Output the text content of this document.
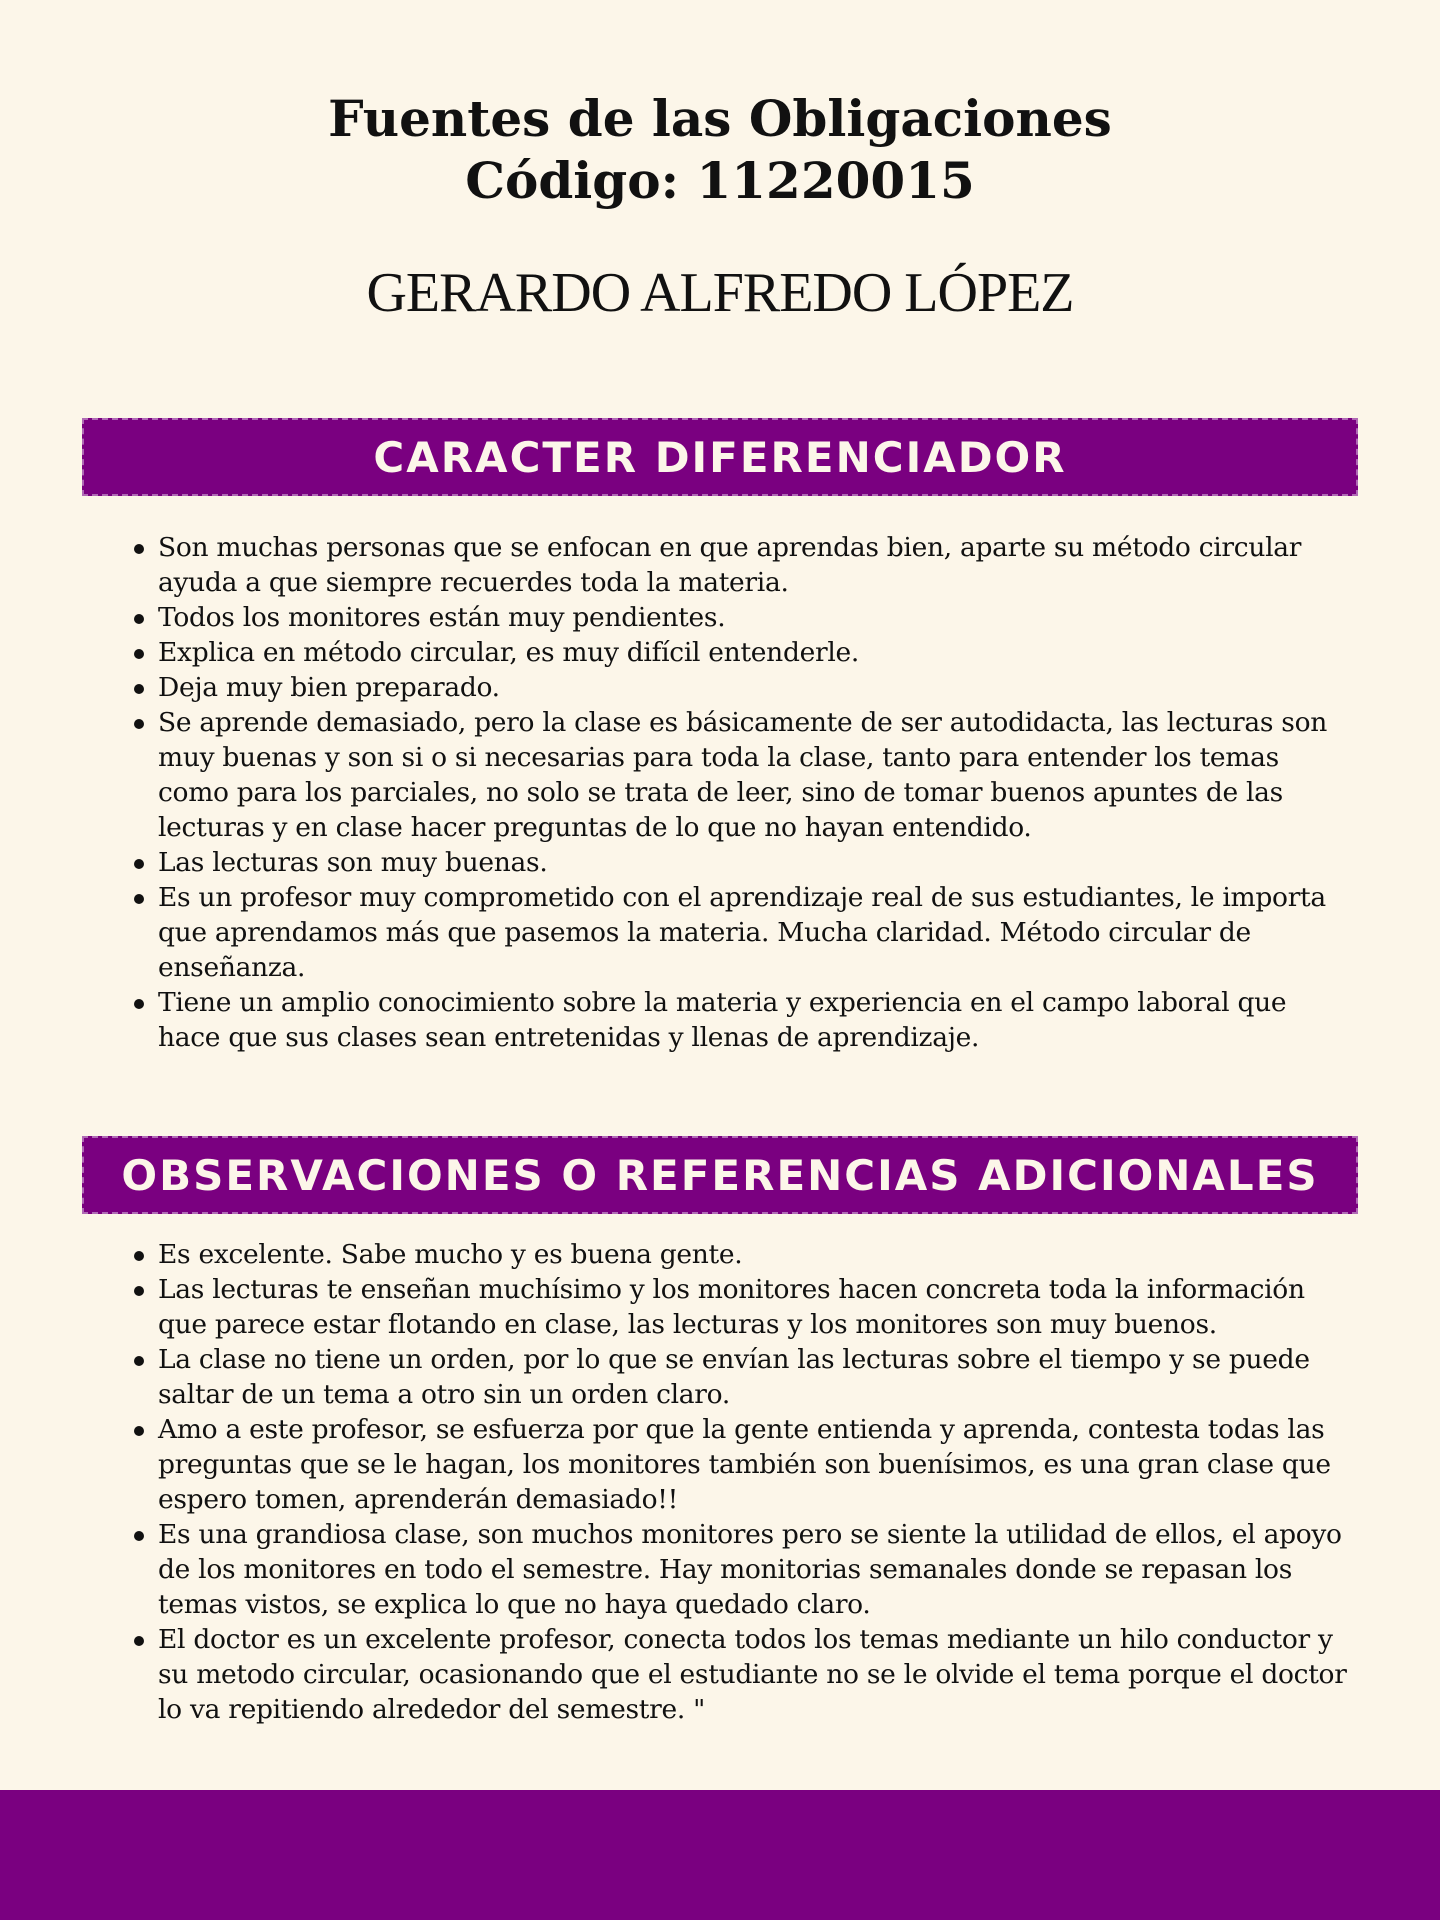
Fuentes de las Obligaciones
Código: 11220015
GERARDO ALFREDO LÓPEZ
CARACTER DIFERENCIADOR
Son muchas personas que se enfocan en que aprendas bien, aparte su método circular ayuda a que siempre recuerdes toda la materia.
Todos los monitores están muy pendientes.
Explica en método circular, es muy difícil entenderle.
Deja muy bien preparado.
Se aprende demasiado, pero la clase es básicamente de ser autodidacta, las lecturas son muy buenas y son si o si necesarias para toda la clase, tanto para entender los temas como para los parciales, no solo se trata de leer, sino de tomar buenos apuntes de las lecturas y en clase hacer preguntas de lo que no hayan entendido.
Las lecturas son muy buenas.
Es un profesor muy comprometido con el aprendizaje real de sus estudiantes, le importa que aprendamos más que pasemos la materia. Mucha claridad. Método circular de enseñanza.
Tiene un amplio conocimiento sobre la materia y experiencia en el campo laboral que hace que sus clases sean entretenidas y llenas de aprendizaje.
OBSERVACIONES O REFERENCIAS ADICIONALES
Es excelente. Sabe mucho y es buena gente.
Las lecturas te enseñan muchísimo y los monitores hacen concreta toda la información que parece estar flotando en clase, las lecturas y los monitores son muy buenos.
La clase no tiene un orden, por lo que se envían las lecturas sobre el tiempo y se puede saltar de un tema a otro sin un orden claro.
Amo a este profesor, se esfuerza por que la gente entienda y aprenda, contesta todas las preguntas que se le hagan, los monitores también son buenísimos, es una gran clase que espero tomen, aprenderán demasiado!!
Es una grandiosa clase, son muchos monitores pero se siente la utilidad de ellos, el apoyo de los monitores en todo el semestre. Hay monitorias semanales donde se repasan los temas vistos, se explica lo que no haya quedado claro.
El doctor es un excelente profesor, conecta todos los temas mediante un hilo conductor y su metodo circular, ocasionando que el estudiante no se le olvide el tema porque el doctor lo va repitiendo alrededor del semestre. "
